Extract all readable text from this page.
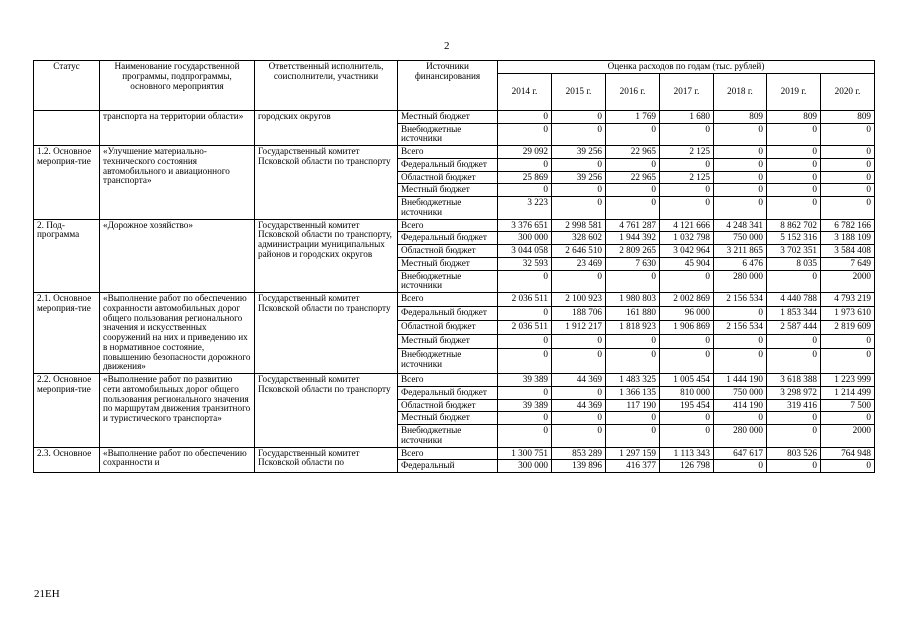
2
Статус	Наименование государственной программы, подпрограммы, основного мероприятия	Ответственный исполнитель, соисполнители, участники	Источники финансирования	Оценка расходов по годам (тыс. рублей)						
				2014 г.	2015 г.	2016 г.	2017 г.	2018 г.	2019 г.	2020 г.
	транспорта на территории области»	городских округов	Местный бюджет	0	0	1 769	1 680	809	809	809
			Внебюджетные источники	0	0	0	0	0	0	0
1.2. Основное мероприя-тие	«Улучшение материально-технического состояния автомобильного и авиационного транспорта»	Государственный комитет Псковской области по транспорту	Всего	29 092	39 256	22 965	2 125	0	0	0
			Федеральный бюджет	0	0	0	0	0	0	0
			Областной бюджет	25 869	39 256	22 965	2 125	0	0	0
			Местный бюджет	0	0	0	0	0	0	0
			Внебюджетные источники	3 223	0	0	0	0	0	0
2. Под-программа	«Дорожное хозяйство»	Государственный комитет Псковской области по транспорту, администрации муниципальных районов и городских округов	Всего	3 376 651	2 998 581	4 761 287	4 121 666	4 248 341	8 862 702	6 782 166
			Федеральный бюджет	300 000	328 602	1 944 392	1 032 798	750 000	5 152 316	3 188 109
			Областной бюджет	3 044 058	2 646 510	2 809 265	3 042 964	3 211 865	3 702 351	3 584 408
			Местный бюджет	32 593	23 469	7 630	45 904	6 476	8 035	7 649
			Внебюджетные источники	0	0	0	0	280 000	0	2000
2.1. Основное мероприя-тие	«Выполнение работ по обеспечению сохранности автомобильных дорог общего пользования регионального значения и искусственных сооружений на них и приведению их в нормативное состояние, повышению безопасности дорожного движения»	Государственный комитет Псковской области по транспорту	Всего	2 036 511	2 100 923	1 980 803	2 002 869	2 156 534	4 440 788	4 793 219
			Федеральный бюджет	0	188 706	161 880	96 000	0	1 853 344	1 973 610
			Областной бюджет	2 036 511	1 912 217	1 818 923	1 906 869	2 156 534	2 587 444	2 819 609
			Местный бюджет	0	0	0	0	0	0	0
			Внебюджетные источники	0	0	0	0	0	0	0
2.2. Основное мероприя-тие	«Выполнение работ по развитию сети автомобильных дорог общего пользования регионального значения по маршрутам движения транзитного и туристического транспорта»	Государственный комитет Псковской области по транспорту	Всего	39 389	44 369	1 483 325	1 005 454	1 444 190	3 618 388	1 223 999
			Федеральный бюджет	0	0	1 366 135	810 000	750 000	3 298 972	1 214 499
			Областной бюджет	39 389	44 369	117 190	195 454	414 190	319 416	7 500
			Местный бюджет	0	0	0	0	0	0	0
			Внебюджетные источники	0	0	0	0	280 000	0	2000
2.3. Основное	«Выполнение работ по обеспечению сохранности и	Государственный комитет Псковской области по	Всего	1 300 751	853 289	1 297 159	1 113 343	647 617	803 526	764 948
			Федеральный	300 000	139 896	416 377	126 798	0	0	0
21ЕН
